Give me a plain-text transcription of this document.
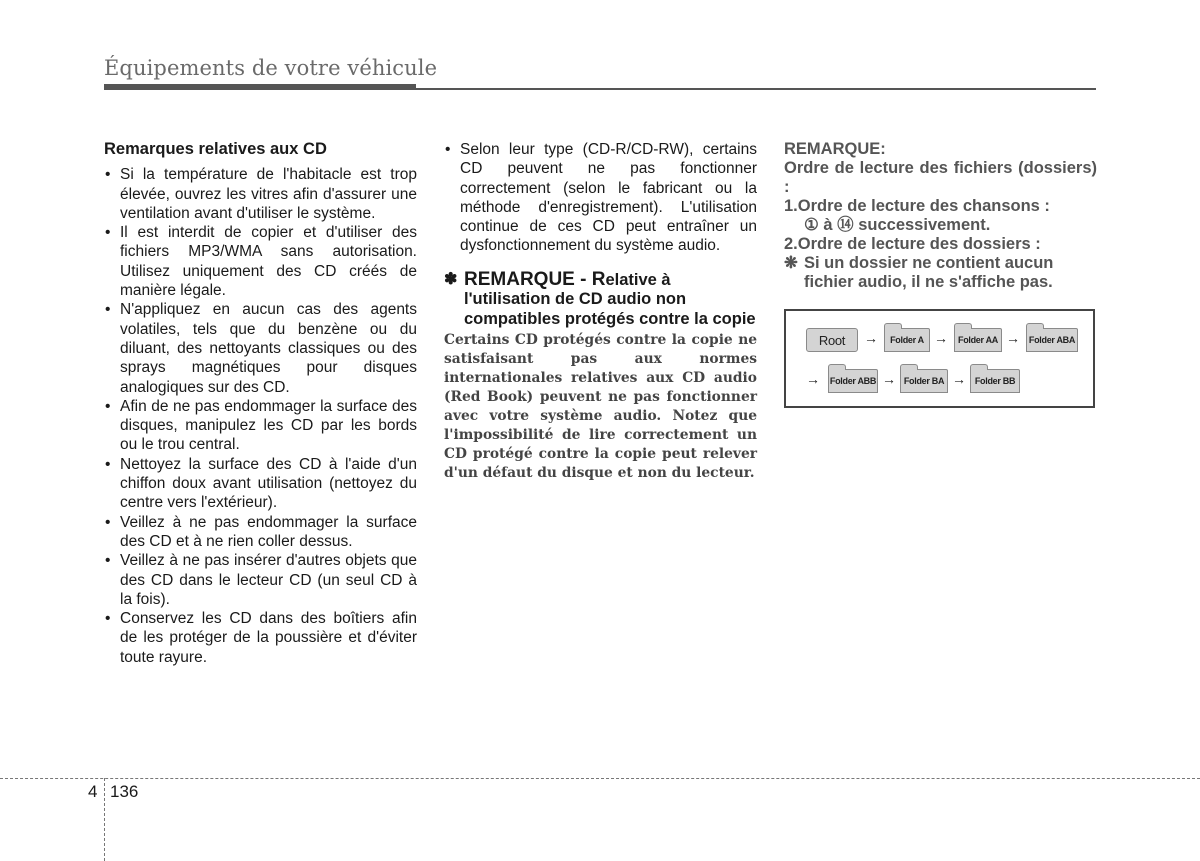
Équipements de votre véhicule
Remarques relatives aux CD
• Si la température de l'habitacle est trop élevée, ouvrez les vitres afin d'assurer une ventilation avant d'utiliser le système.
• Il est interdit de copier et d'utiliser des fichiers MP3/WMA sans autorisation. Utilisez uniquement des CD créés de manière légale.
• N'appliquez en aucun cas des agents volatiles, tels que du benzène ou du diluant, des nettoyants classiques ou des sprays magnétiques pour disques analogiques sur des CD.
• Afin de ne pas endommager la surface des disques, manipulez les CD par les bords ou le trou central.
• Nettoyez la surface des CD à l'aide d'un chiffon doux avant utilisation (nettoyez du centre vers l'extérieur).
• Veillez à ne pas endommager la surface des CD et à ne rien coller dessus.
• Veillez à ne pas insérer d'autres objets que des CD dans le lecteur CD (un seul CD à la fois).
• Conservez les CD dans des boîtiers afin de les protéger de la poussière et d'éviter toute rayure.
• Selon leur type (CD-R/CD-RW), certains CD peuvent ne pas fonctionner correctement (selon le fabricant ou la méthode d'enregistrement). L'utilisation continue de ces CD peut entraîner un dysfonctionnement du système audio.
✽ REMARQUE - Relative à l'utilisation de CD audio non compatibles protégés contre la copie
Certains CD protégés contre la copie ne satisfaisant pas aux normes internationales relatives aux CD audio (Red Book) peuvent ne pas fonctionner avec votre système audio. Notez que l'impossibilité de lire correctement un CD protégé contre la copie peut relever d'un défaut du disque et non du lecteur.
REMARQUE:
Ordre de lecture des fichiers (dossiers) :
1.Ordre de lecture des chansons :
① à ⑭ successivement.
2.Ordre de lecture des dossiers :
❋ Si un dossier ne contient aucun fichier audio, il ne s'affiche pas.
Root	→	Folder A →	Folder AA → Folder ABA
→ Folder ABB → Folder BA → Folder BB
4 136
